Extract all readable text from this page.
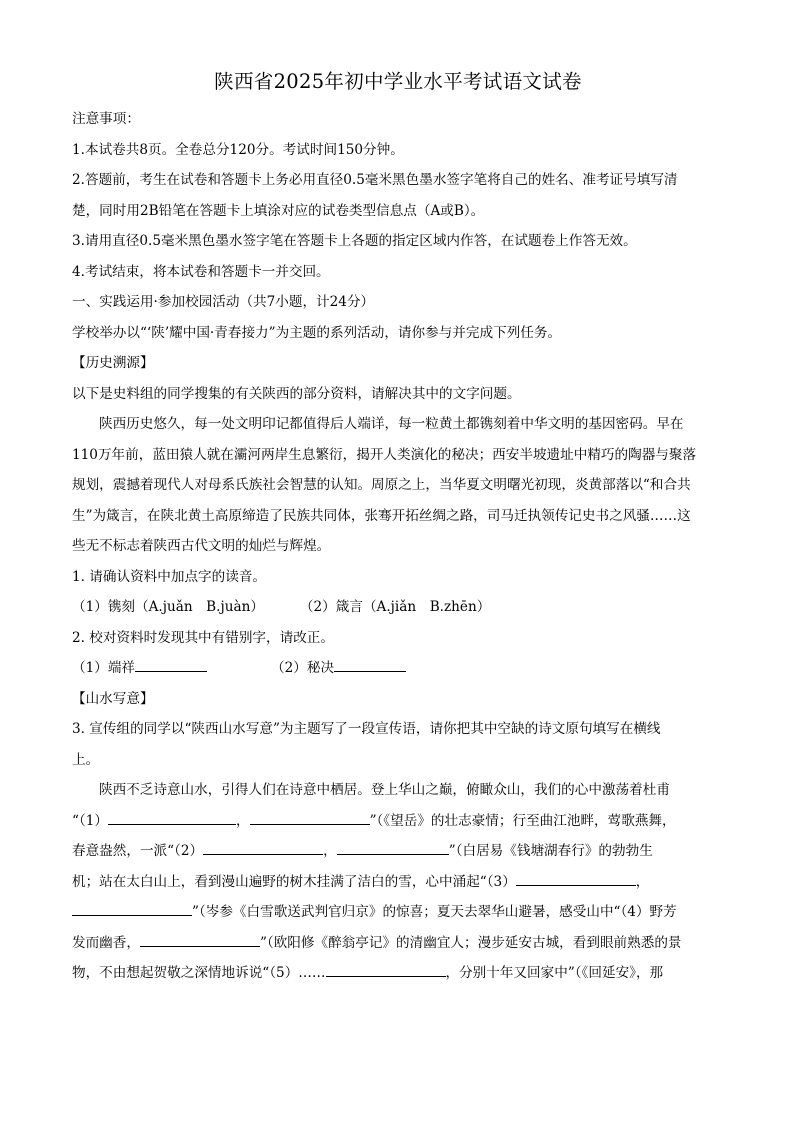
陕西省2025年初中学业水平考试语文试卷
注意事项：
1.本试卷共8页。全卷总分120分。考试时间150分钟。
2.答题前，考生在试卷和答题卡上务必用直径0.5毫米黑色墨水签字笔将自己的姓名、准考证号填写清
楚，同时用2B铅笔在答题卡上填涂对应的试卷类型信息点（A或B）。
3.请用直径0.5毫米黑色墨水签字笔在答题卡上各题的指定区域内作答，在试题卷上作答无效。
4.考试结束，将本试卷和答题卡一并交回。
一、实践运用·参加校园活动（共7小题，计24分）
学校举办以“‘陕’耀中国·青春接力”为主题的系列活动，请你参与并完成下列任务。
【历史溯源】
以下是史料组的同学搜集的有关陕西的部分资料，请解决其中的文字问题。
陕西历史悠久，每一处文明印记都值得后人端详，每一粒黄土都镌刻着中华文明的基因密码。早在
110万年前，蓝田猿人就在灞河两岸生息繁衍，揭开人类演化的秘决；西安半坡遗址中精巧的陶器与聚落
规划，震撼着现代人对母系氏族社会智慧的认知。周原之上，当华夏文明曙光初现，炎黄部落以“和合共
生”为箴言，在陕北黄土高原缔造了民族共同体，张骞开拓丝绸之路，司马迁执领传记史书之风骚……这
些无不标志着陕西古代文明的灿烂与辉煌。
1. 请确认资料中加点字的读音。
（1）镌刻（A.juǎn　B.juàn）	（2）箴言（A.jiǎn　B.zhēn）
2. 校对资料时发现其中有错别字，请改正。
（1）端祥	（2）秘决
【山水写意】
3. 宣传组的同学以“陕西山水写意”为主题写了一段宣传语，请你把其中空缺的诗文原句填写在横线
上。
陕西不乏诗意山水，引得人们在诗意中栖居。登上华山之巅，俯瞰众山，我们的心中激荡着杜甫
“（1）	，	”（《望岳》的壮志豪情；行至曲江池畔，莺歌燕舞，
春意盎然，一派“（2）	，	”（白居易《钱塘湖春行》的勃勃生
机；站在太白山上，看到漫山遍野的树木挂满了洁白的雪，心中涌起“（3）	，
”（岑参《白雪歌送武判官归京》的惊喜；夏天去翠华山避暑，感受山中“（4）野芳
发而幽香，	”（欧阳修《醉翁亭记》的清幽宜人；漫步延安古城，看到眼前熟悉的景
物，不由想起贺敬之深情地诉说“（5）……	，分别十年又回家中”（《回延安》，那
